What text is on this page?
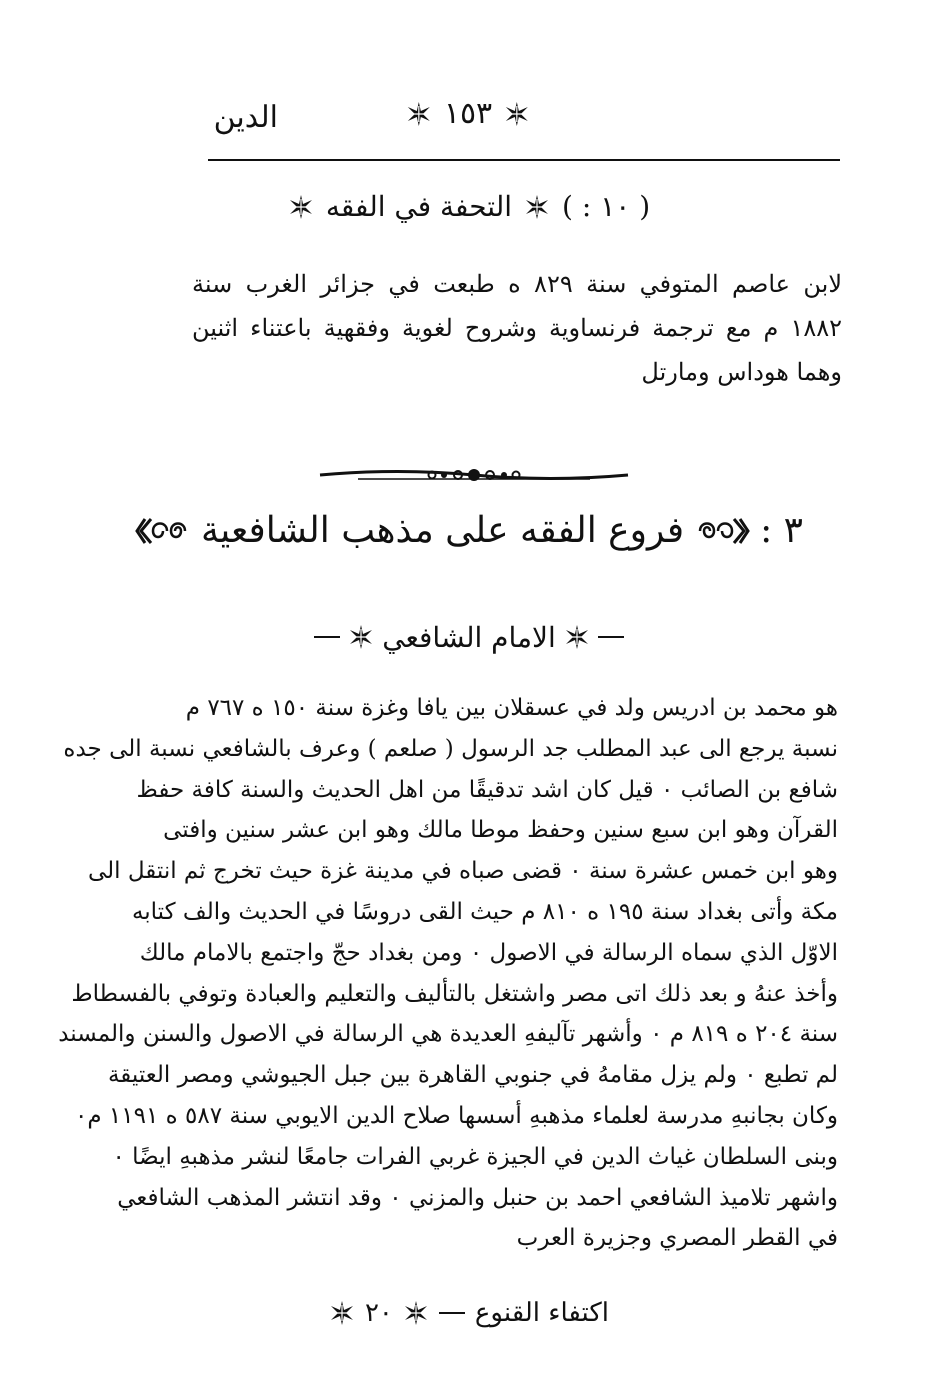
الدين	١٥٣
( ١٠ : )
التحفة في الفقه
لابن عاصم المتوفي سنة ٨٢٩ ه طبعت في جزائر الغرب سنة ١٨٨٢ م مع ترجمة فرنساوية وشروح لغوية وفقهية باعتناء اثنين وهما هوداس ومارتل
٣ :
فروع الفقه على مذهب الشافعية
الامام الشافعي
هو محمد بن ادريس ولد في عسقلان بين يافا وغزة سنة ١٥٠ ه ٧٦٧ م
نسبة يرجع الى عبد المطلب جد الرسول ( صلعم ) وعرف بالشافعي نسبة الى جده
شافع بن الصائب ٠ قيل كان اشد تدقيقًا من اهل الحديث والسنة كافة حفظ
القرآن وهو ابن سبع سنين وحفظ موطا مالك وهو ابن عشر سنين وافتى
وهو ابن خمس عشرة سنة ٠ قضى صباه في مدينة غزة حيث تخرج ثم انتقل الى
مكة وأتى بغداد سنة ١٩٥ ه ٨١٠ م حيث القى دروسًا في الحديث والف كتابه
الاوّل الذي سماه الرسالة في الاصول ٠ ومن بغداد حجّ واجتمع بالامام مالك
وأخذ عنهُ و بعد ذلك اتى مصر واشتغل بالتأليف والتعليم والعبادة وتوفي بالفسطاط
سنة ٢٠٤ ه ٨١٩ م ٠ وأشهر تآليفهِ العديدة هي الرسالة في الاصول والسنن والمسند
لم تطبع ٠ ولم يزل مقامهُ في جنوبي القاهرة بين جبل الجيوشي ومصر العتيقة
وكان بجانبهِ مدرسة لعلماء مذهبهِ أسسها صلاح الدين الايوبي سنة ٥٨٧ ه ١١٩١ م٠
وبنى السلطان غياث الدين في الجيزة غربي الفرات جامعًا لنشر مذهبهِ ايضًا ٠
واشهر تلاميذ الشافعي احمد بن حنبل والمزني ٠ وقد انتشر المذهب الشافعي
في القطر المصري وجزيرة العرب
اكتفاء القنوع
٢٠
